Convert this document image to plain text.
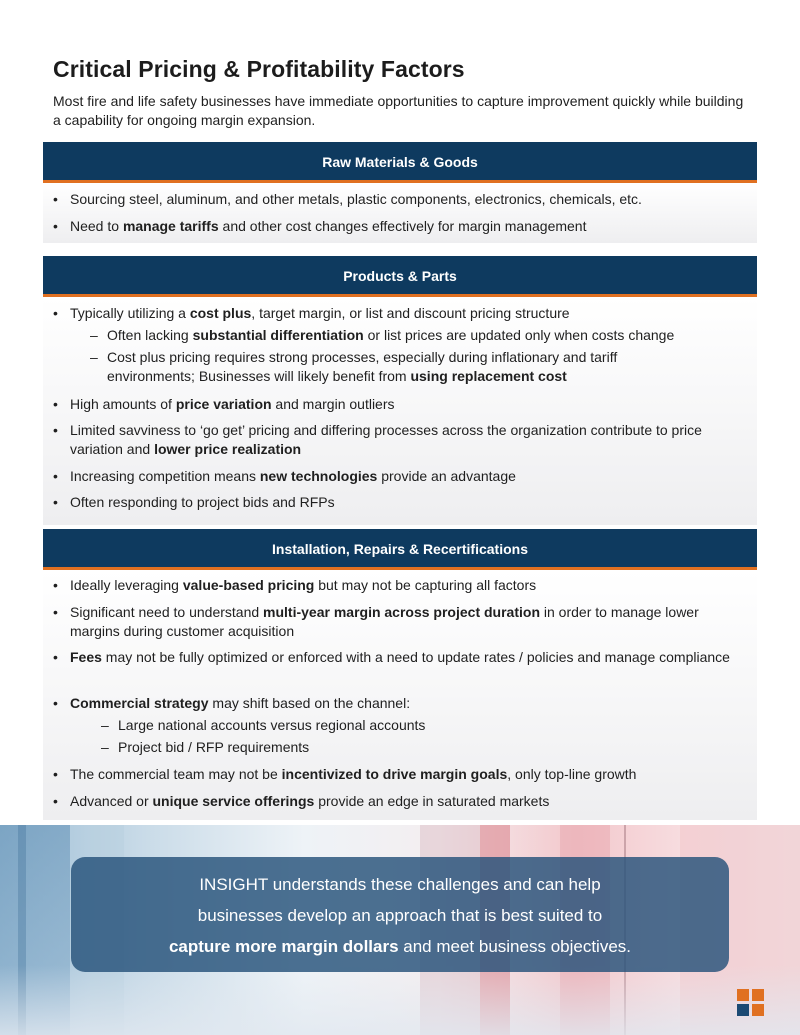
Critical Pricing & Profitability Factors
Most fire and life safety businesses have immediate opportunities to capture improvement quickly while building a capability for ongoing margin expansion.
Raw Materials & Goods
• Sourcing steel, aluminum, and other metals, plastic components, electronics, chemicals, etc.
• Need to manage tariffs and other cost changes effectively for margin management
Products & Parts
• Typically utilizing a cost plus, target margin, or list and discount pricing structure
– Often lacking substantial differentiation or list prices are updated only when costs change
– Cost plus pricing requires strong processes, especially during inflationary and tariff environments; Businesses will likely benefit from using replacement cost
• High amounts of price variation and margin outliers
• Limited savviness to ‘go get’ pricing and differing processes across the organization contribute to price variation and lower price realization
• Increasing competition means new technologies provide an advantage
• Often responding to project bids and RFPs
Installation, Repairs & Recertifications
• Ideally leveraging value-based pricing but may not be capturing all factors
• Significant need to understand multi-year margin across project duration in order to manage lower margins during customer acquisition
• Fees may not be fully optimized or enforced with a need to update rates / policies and manage compliance
• Commercial strategy may shift based on the channel:
– Large national accounts versus regional accounts
– Project bid / RFP requirements
• The commercial team may not be incentivized to drive margin goals, only top-line growth
• Advanced or unique service offerings provide an edge in saturated markets
INSIGHT understands these challenges and can help
businesses develop an approach that is best suited to
capture more margin dollars and meet business objectives.
